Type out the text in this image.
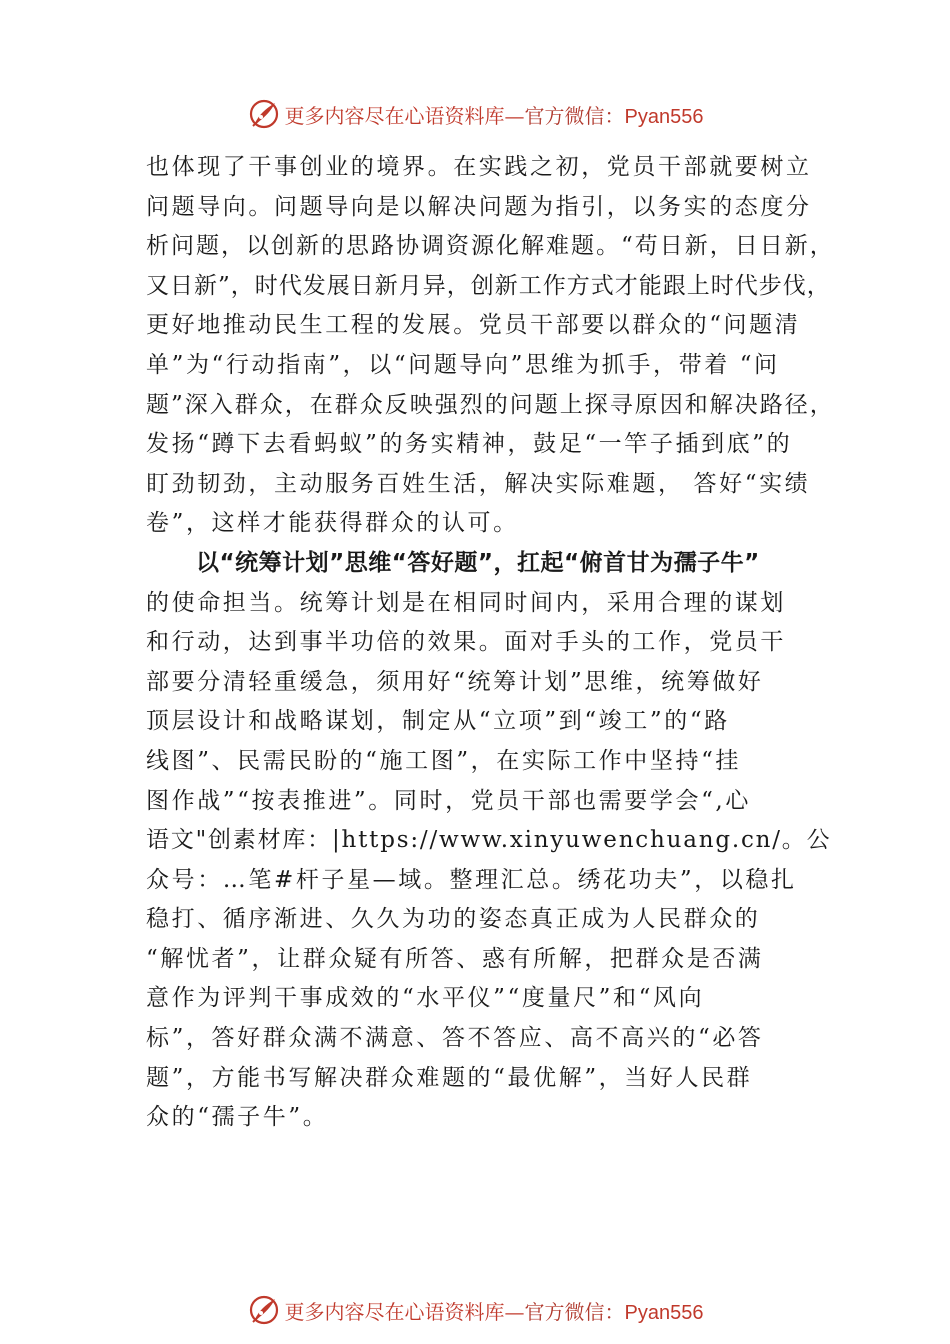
更多内容尽在心语资料库—官方微信：Pyan556
也体现了干事创业的境界。在实践之初，党员干部就要树立
问题导向。问题导向是以解决问题为指引，以务实的态度分
析问题，以创新的思路协调资源化解难题。“苟日新，日日新，
又日新”，时代发展日新月异，创新工作方式才能跟上时代步伐，
更好地推动民生工程的发展。党员干部要以群众的“问题清
单”为“行动指南”，以“问题导向”思维为抓手，带着 “问
题”深入群众，在群众反映强烈的问题上探寻原因和解决路径，
发扬“蹲下去看蚂蚁”的务实精神，鼓足“一竿子插到底”的
盯劲韧劲，主动服务百姓生活，解决实际难题， 答好“实绩
卷”，这样才能获得群众的认可。
以“统筹计划”思维“答好题”，扛起“俯首甘为孺子牛”
的使命担当。统筹计划是在相同时间内，采用合理的谋划
和行动，达到事半功倍的效果。面对手头的工作，党员干
部要分清轻重缓急，须用好“统筹计划”思维，统筹做好
顶层设计和战略谋划，制定从“立项”到“竣工”的“路
线图”、民需民盼的“施工图”，在实际工作中坚持“挂
图作战”“按表推进”。同时，党员干部也需要学会“,心
语文"创素材库：|https://www.xinyuwenchuang.cn/。公
众号：…笔#杆子星—域。整理汇总。绣花功夫”，以稳扎
稳打、循序渐进、久久为功的姿态真正成为人民群众的
“解忧者”，让群众疑有所答、惑有所解，把群众是否满
意作为评判干事成效的“水平仪”“度量尺”和“风向
标”，答好群众满不满意、答不答应、高不高兴的“必答
题”，方能书写解决群众难题的“最优解”，当好人民群
众的“孺子牛”。
更多内容尽在心语资料库—官方微信：Pyan556
